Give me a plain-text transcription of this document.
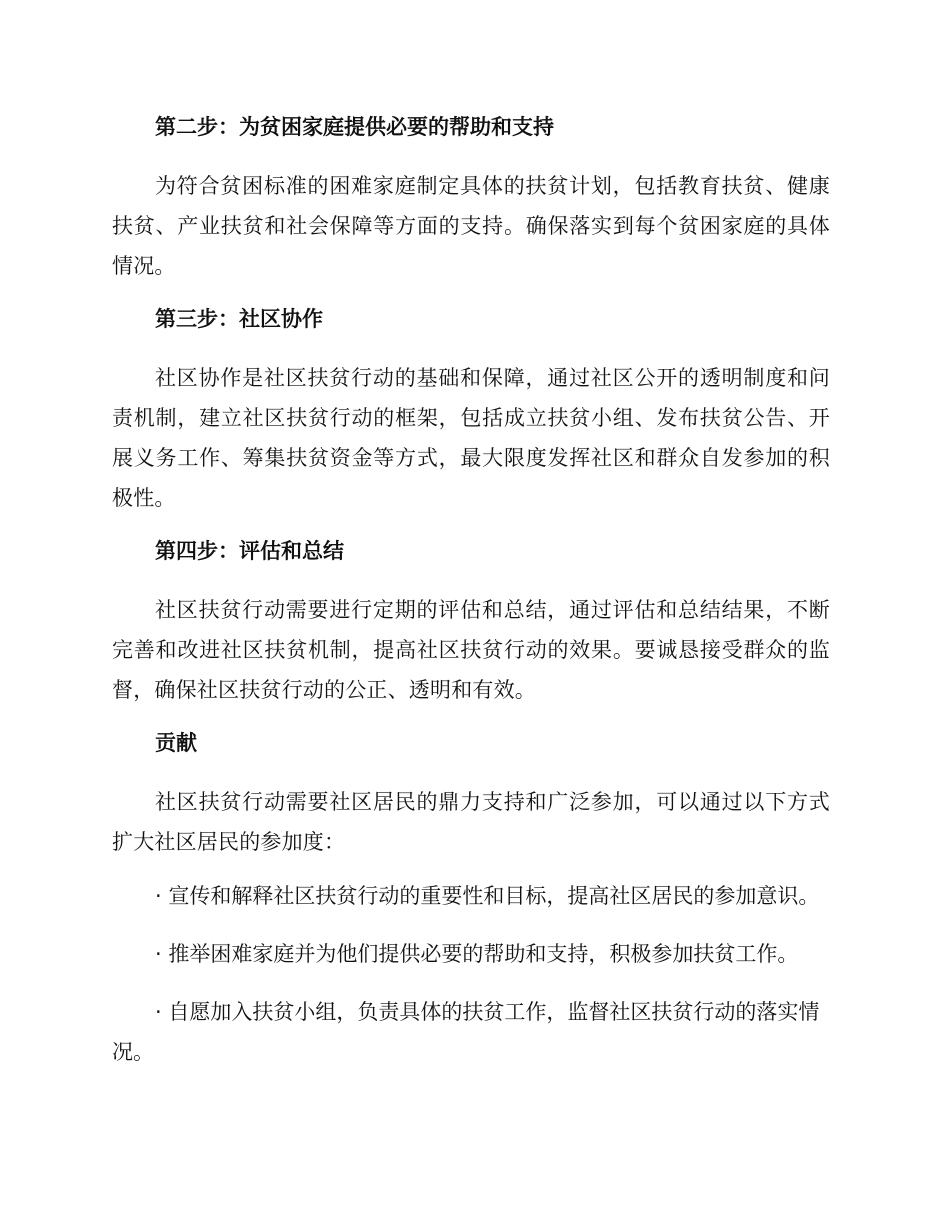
第二步：为贫困家庭提供必要的帮助和支持

为符合贫困标准的困难家庭制定具体的扶贫计划，包括教育扶贫、健康扶贫、产业扶贫和社会保障等方面的支持。确保落实到每个贫困家庭的具体情况。

第三步：社区协作

社区协作是社区扶贫行动的基础和保障，通过社区公开的透明制度和问责机制，建立社区扶贫行动的框架，包括成立扶贫小组、发布扶贫公告、开展义务工作、筹集扶贫资金等方式，最大限度发挥社区和群众自发参加的积极性。

第四步：评估和总结

社区扶贫行动需要进行定期的评估和总结，通过评估和总结结果，不断完善和改进社区扶贫机制，提高社区扶贫行动的效果。要诚恳接受群众的监督，确保社区扶贫行动的公正、透明和有效。

贡献

社区扶贫行动需要社区居民的鼎力支持和广泛参加，可以通过以下方式扩大社区居民的参加度：

· 宣传和解释社区扶贫行动的重要性和目标，提高社区居民的参加意识。

· 推举困难家庭并为他们提供必要的帮助和支持，积极参加扶贫工作。

· 自愿加入扶贫小组，负责具体的扶贫工作，监督社区扶贫行动的落实情况。
